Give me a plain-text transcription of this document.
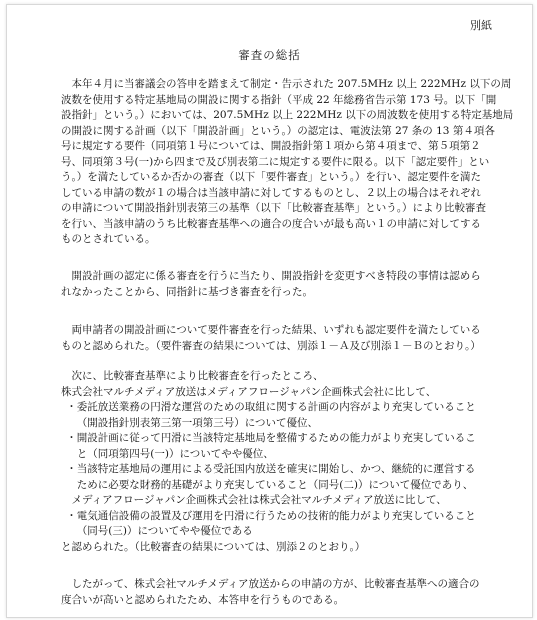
別紙
審査の総括
本年４月に当審議会の答申を踏まえて制定・告示された 207.5MHz 以上 222MHz 以下の周
波数を使用する特定基地局の開設に関する指針（平成 22 年総務省告示第 173 号。以下「開
設指針」という。）においては、207.5MHz 以上 222MHz 以下の周波数を使用する特定基地局
の開設に関する計画（以下「開設計画」という。）の認定は、電波法第 27 条の 13 第４項各
号に規定する要件（同項第１号については、開設指針第１項から第４項まで、第５項第２
号、同項第３号(一)から四まで及び別表第二に規定する要件に限る。以下「認定要件」とい
う。）を満たしているか否かの審査（以下「要件審査」という。）を行い、認定要件を満た
している申請の数が１の場合は当該申請に対してするものとし、２以上の場合はそれぞれ
の申請について開設指針別表第三の基準（以下「比較審査基準」という。）により比較審査
を行い、当該申請のうち比較審査基準への適合の度合いが最も高い１の申請に対してする
ものとされている。
開設計画の認定に係る審査を行うに当たり、開設指針を変更すべき特段の事情は認めら
れなかったことから、同指針に基づき審査を行った。
両申請者の開設計画について要件審査を行った結果、いずれも認定要件を満たしている
ものと認められた。（要件審査の結果については、別添１－Ａ及び別添１－Ｂのとおり。）
次に、比較審査基準により比較審査を行ったところ、
株式会社マルチメディア放送はメディアフロージャパン企画株式会社に比して、
・委託放送業務の円滑な運営のための取組に関する計画の内容がより充実していること
（開設指針別表第三第一項第三号）について優位、
・開設計画に従って円滑に当該特定基地局を整備するための能力がより充実しているこ
と（同項第四号(一)）についてやや優位、
・当該特定基地局の運用による受託国内放送を確実に開始し、かつ、継続的に運営する
ために必要な財務的基礎がより充実していること（同号(二)）について優位であり、
メディアフロージャパン企画株式会社は株式会社マルチメディア放送に比して、
・電気通信設備の設置及び運用を円滑に行うための技術的能力がより充実していること
（同号(三)）についてやや優位である
と認められた。（比較審査の結果については、別添２のとおり。）
したがって、株式会社マルチメディア放送からの申請の方が、比較審査基準への適合の
度合いが高いと認められたため、本答申を行うものである。
